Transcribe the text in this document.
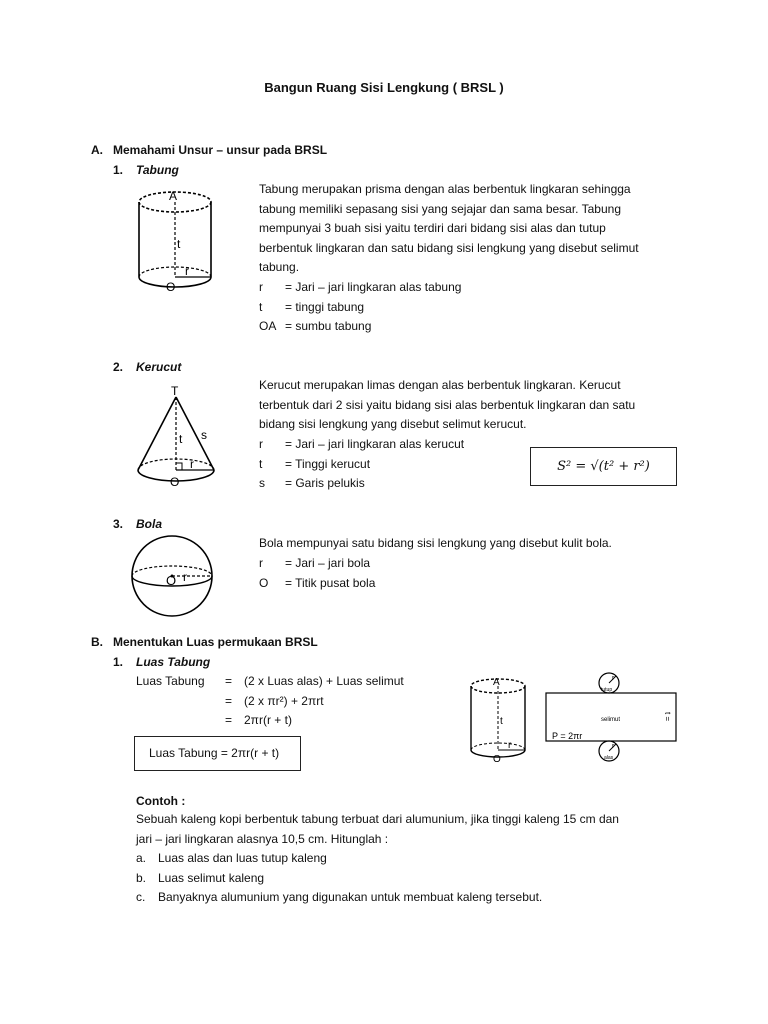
Bangun Ruang Sisi Lengkung ( BRSL )
A. Memahami Unsur – unsur pada BRSL
1. Tabung
A
t
r
O
Tabung merupakan prisma dengan alas berbentuk lingkaran sehingga
tabung memiliki sepasang sisi yang sejajar dan sama besar. Tabung
mempunyai 3 buah sisi yaitu terdiri dari bidang sisi alas dan tutup
berbentuk lingkaran dan satu bidang sisi lengkung yang disebut selimut
tabung.
r = Jari – jari lingkaran alas tabung
t = tinggi tabung
OA = sumbu tabung
2. Kerucut
T
t s
r
O
Kerucut merupakan limas dengan alas berbentuk lingkaran. Kerucut
terbentuk dari 2 sisi yaitu bidang sisi alas berbentuk lingkaran dan satu
bidang sisi lengkung yang disebut selimut kerucut.
r = Jari – jari lingkaran alas kerucut
t = Tinggi kerucut
s = Garis pelukis
S² = √(t² + r²)
3. Bola
O r
Bola mempunyai satu bidang sisi lengkung yang disebut kulit bola.
r = Jari – jari bola
O = Titik pusat bola
B. Menentukan Luas permukaan BRSL
1. Luas Tabung
Luas Tabung = (2 x Luas alas) + Luas selimut
= (2 x πr²) + 2πrt
= 2πr(r + t)
Luas Tabung = 2πr(r + t)
A
t
r
O
r
tutup
selimut
P = 2πr
t =
r
alas
Contoh :
Sebuah kaleng kopi berbentuk tabung terbuat dari alumunium, jika tinggi kaleng 15 cm dan
jari – jari lingkaran alasnya 10,5 cm. Hitunglah :
a. Luas alas dan luas tutup kaleng
b. Luas selimut kaleng
c. Banyaknya alumunium yang digunakan untuk membuat kaleng tersebut.
